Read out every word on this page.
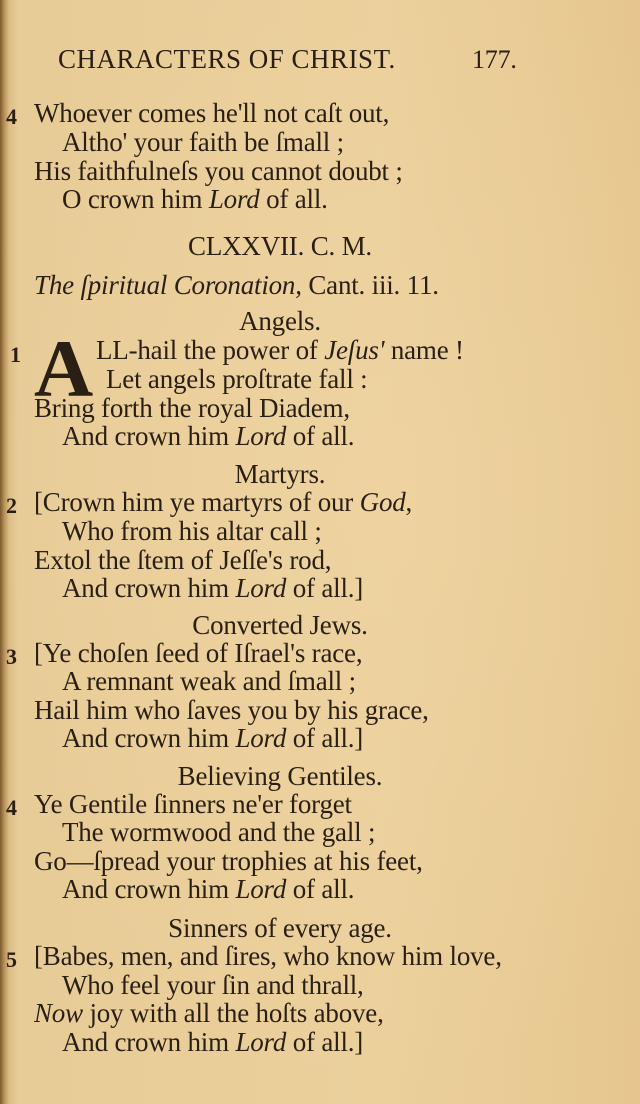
CHARACTERS OF CHRIST.	177.
4 Whoever comes he'll not caſt out,
Altho' your faith be ſmall ;
His faithfulneſs you cannot doubt ;
O crown him Lord of all.
CLXXVII. C. M.
The ſpiritual Coronation, Cant. iii. 11.
Angels.
1 A LL-hail the power of Jeſus' name !
Let angels proſtrate fall :
Bring forth the royal Diadem,
And crown him Lord of all.
Martyrs.
2 [Crown him ye martyrs of our God,
Who from his altar call ;
Extol the ſtem of Jeſſe's rod,
And crown him Lord of all.]
Converted Jews.
3 [Ye choſen ſeed of Iſrael's race,
A remnant weak and ſmall ;
Hail him who ſaves you by his grace,
And crown him Lord of all.]
Believing Gentiles.
4 Ye Gentile ſinners ne'er forget
The wormwood and the gall ;
Go—ſpread your trophies at his feet,
And crown him Lord of all.
Sinners of every age.
5 [Babes, men, and ſires, who know him love,
Who feel your ſin and thrall,
Now joy with all the hoſts above,
And crown him Lord of all.]
